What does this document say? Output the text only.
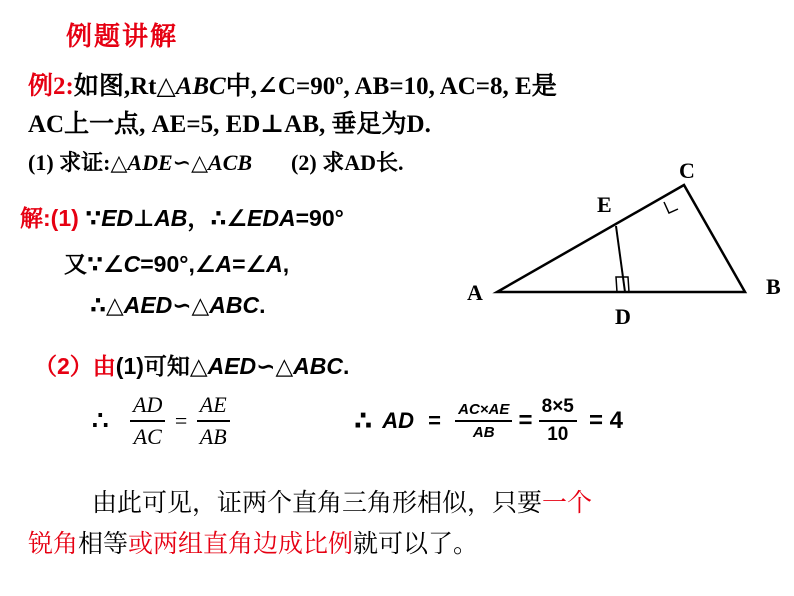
例题讲解
例2:如图,Rt△ABC中,∠C=90º, AB=10, AC=8, E是
AC上一点, AE=5, ED⊥AB, 垂足为D.
(1) 求证:△ADE∽△ACB (2) 求AD长.
解:(1) ∵ED⊥AB，∴∠EDA=90°
又∵∠C=90°,∠A=∠A,
∴△AED∽△ABC.
（2）由(1)可知△AED∽△ABC.
∴ $\frac{AD}{AC} = \frac{AE}{AB}$	∴ AD = $\frac{AC\times AE}{AB} = \frac{8\times 5}{10} = 4$
由此可见，证两个直角三角形相似，只要一个
锐角相等或两组直角边成比例就可以了。
A	B
C
D
E
